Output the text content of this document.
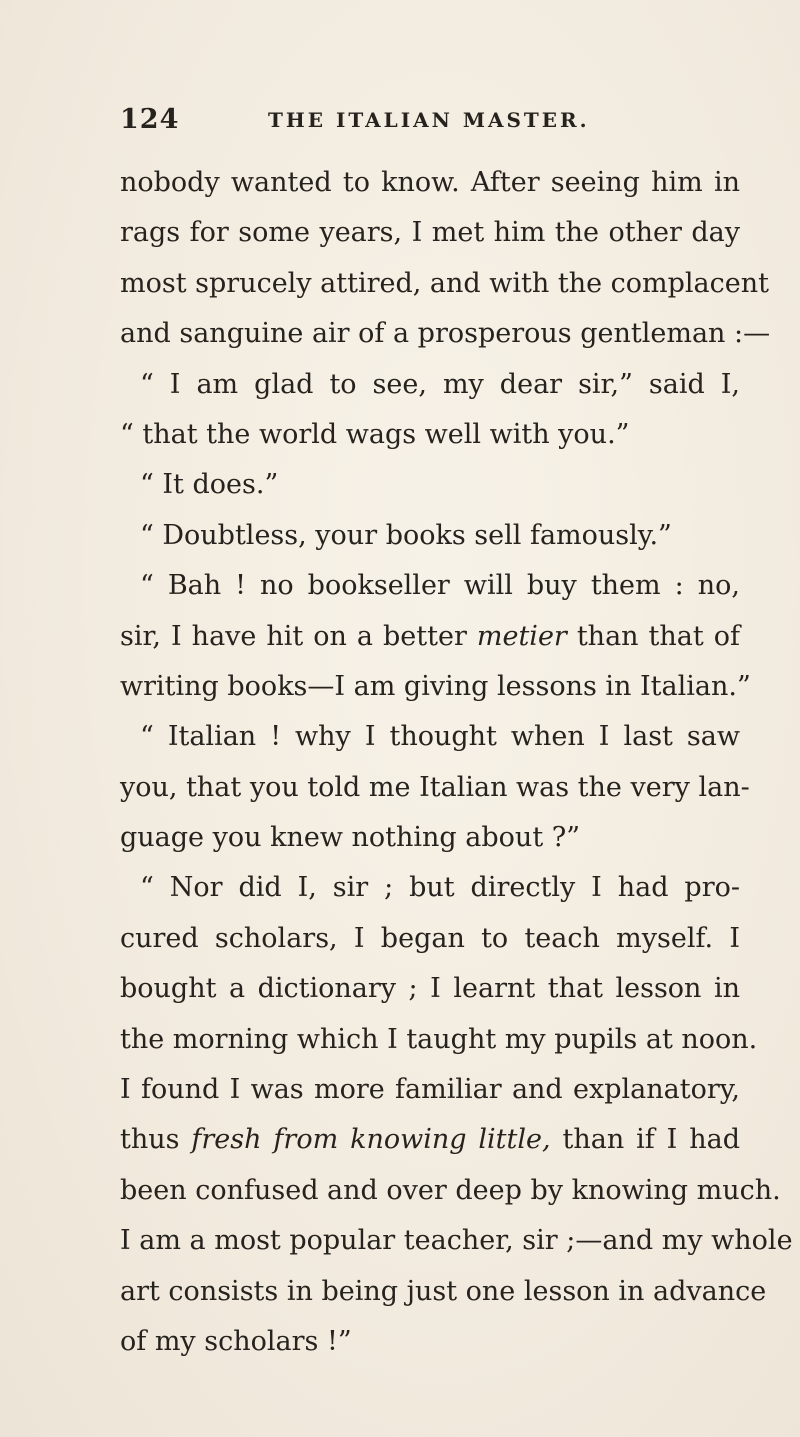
124	THE ITALIAN MASTER.
nobody wanted to know. After seeing him in
rags for some years, I met him the other day
most sprucely attired, and with the complacent
and sanguine air of a prosperous gentleman :—
“ I am glad to see, my dear sir,” said I,
“ that the world wags well with you.”
“ It does.”
“ Doubtless, your books sell famously.”
“ Bah ! no bookseller will buy them : no,
sir, I have hit on a better metier than that of
writing books—I am giving lessons in Italian.”
“ Italian ! why I thought when I last saw
you, that you told me Italian was the very lan-
guage you knew nothing about ?”
“ Nor did I, sir ; but directly I had pro-
cured scholars, I began to teach myself. I
bought a dictionary ; I learnt that lesson in
the morning which I taught my pupils at noon.
I found I was more familiar and explanatory,
thus fresh from knowing little, than if I had
been confused and over deep by knowing much.
I am a most popular teacher, sir ;—and my whole
art consists in being just one lesson in advance
of my scholars !”
